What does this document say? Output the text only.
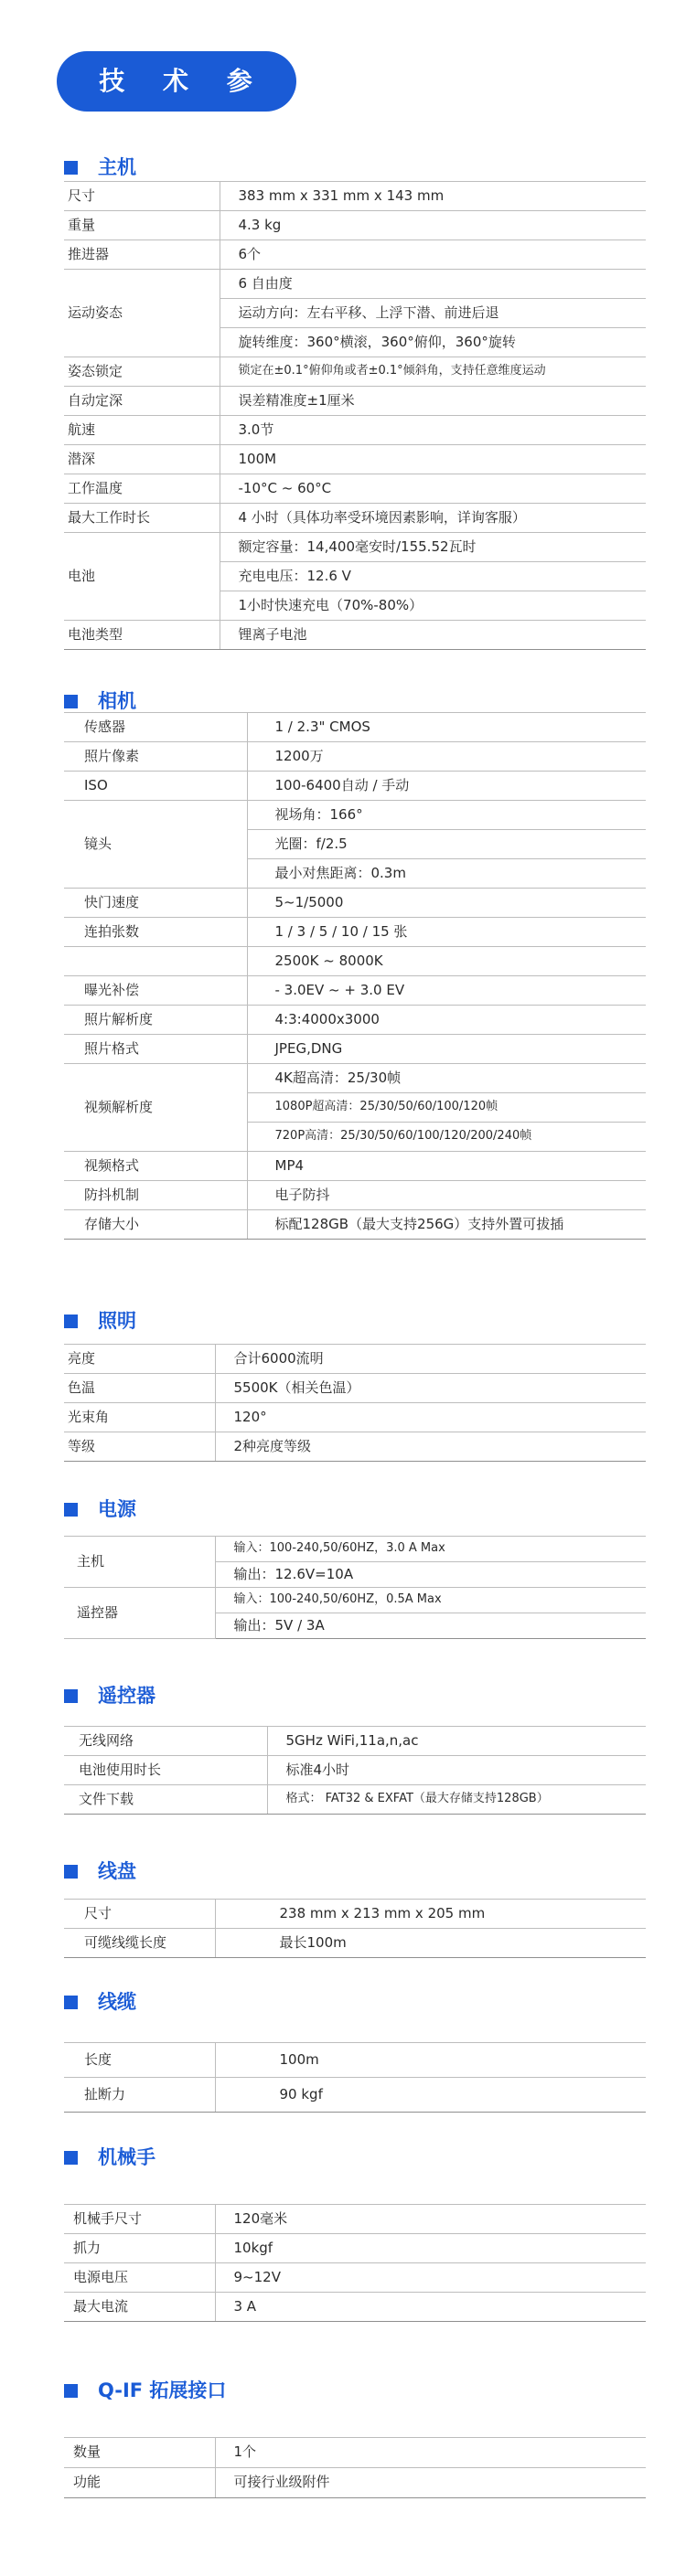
技 术 参 数
主机
尺寸	383 mm x 331 mm x 143 mm
重量	4.3 kg
推进器	6个
运动姿态	6 自由度
	运动方向：左右平移、上浮下潜、前进后退
	旋转维度：360°横滚，360°俯仰，360°旋转
姿态锁定	锁定在±0.1°俯仰角或者±0.1°倾斜角，支持任意维度运动
自动定深	误差精准度±1厘米
航速	3.0节
潜深	100M
工作温度	-10°C ~ 60°C
最大工作时长	4 小时（具体功率受环境因素影响，详询客服）
电池	额定容量：14,400毫安时/155.52瓦时
	充电电压：12.6 V
	1小时快速充电（70%-80%）
电池类型	锂离子电池
相机
传感器	1 / 2.3" CMOS
照片像素	1200万
ISO	100-6400自动 / 手动
镜头	视场角：166°
	光圈：f/2.5
	最小对焦距离：0.3m
快门速度	5~1/5000
连拍张数	1 / 3 / 5 / 10 / 15 张
	2500K ~ 8000K
曝光补偿	- 3.0EV ~ + 3.0 EV
照片解析度	4:3:4000x3000
照片格式	JPEG,DNG
视频解析度	4K超高清：25/30帧
	1080P超高清：25/30/50/60/100/120帧
	720P高清：25/30/50/60/100/120/200/240帧
视频格式	MP4
防抖机制	电子防抖
存储大小	标配128GB（最大支持256G）支持外置可拔插
照明
亮度	合计6000流明
色温	5500K（相关色温）
光束角	120°
等级	2种亮度等级
电源
主机	输入：100-240,50/60HZ，3.0 A Max
	输出：12.6V=10A
遥控器	输入：100-240,50/60HZ，0.5A Max
	输出：5V / 3A
遥控器
无线网络	5GHz WiFi,11a,n,ac
电池使用时长	标准4小时
文件下载	格式： FAT32 & EXFAT（最大存储支持128GB）
线盘
尺寸	238 mm x 213 mm x 205 mm
可缆线缆长度	最长100m
线缆
长度	100m
扯断力	90 kgf
机械手
机械手尺寸	120毫米
抓力	10kgf
电源电压	9~12V
最大电流	3 A
Q-IF 拓展接口
数量	1个
功能	可接行业级附件
